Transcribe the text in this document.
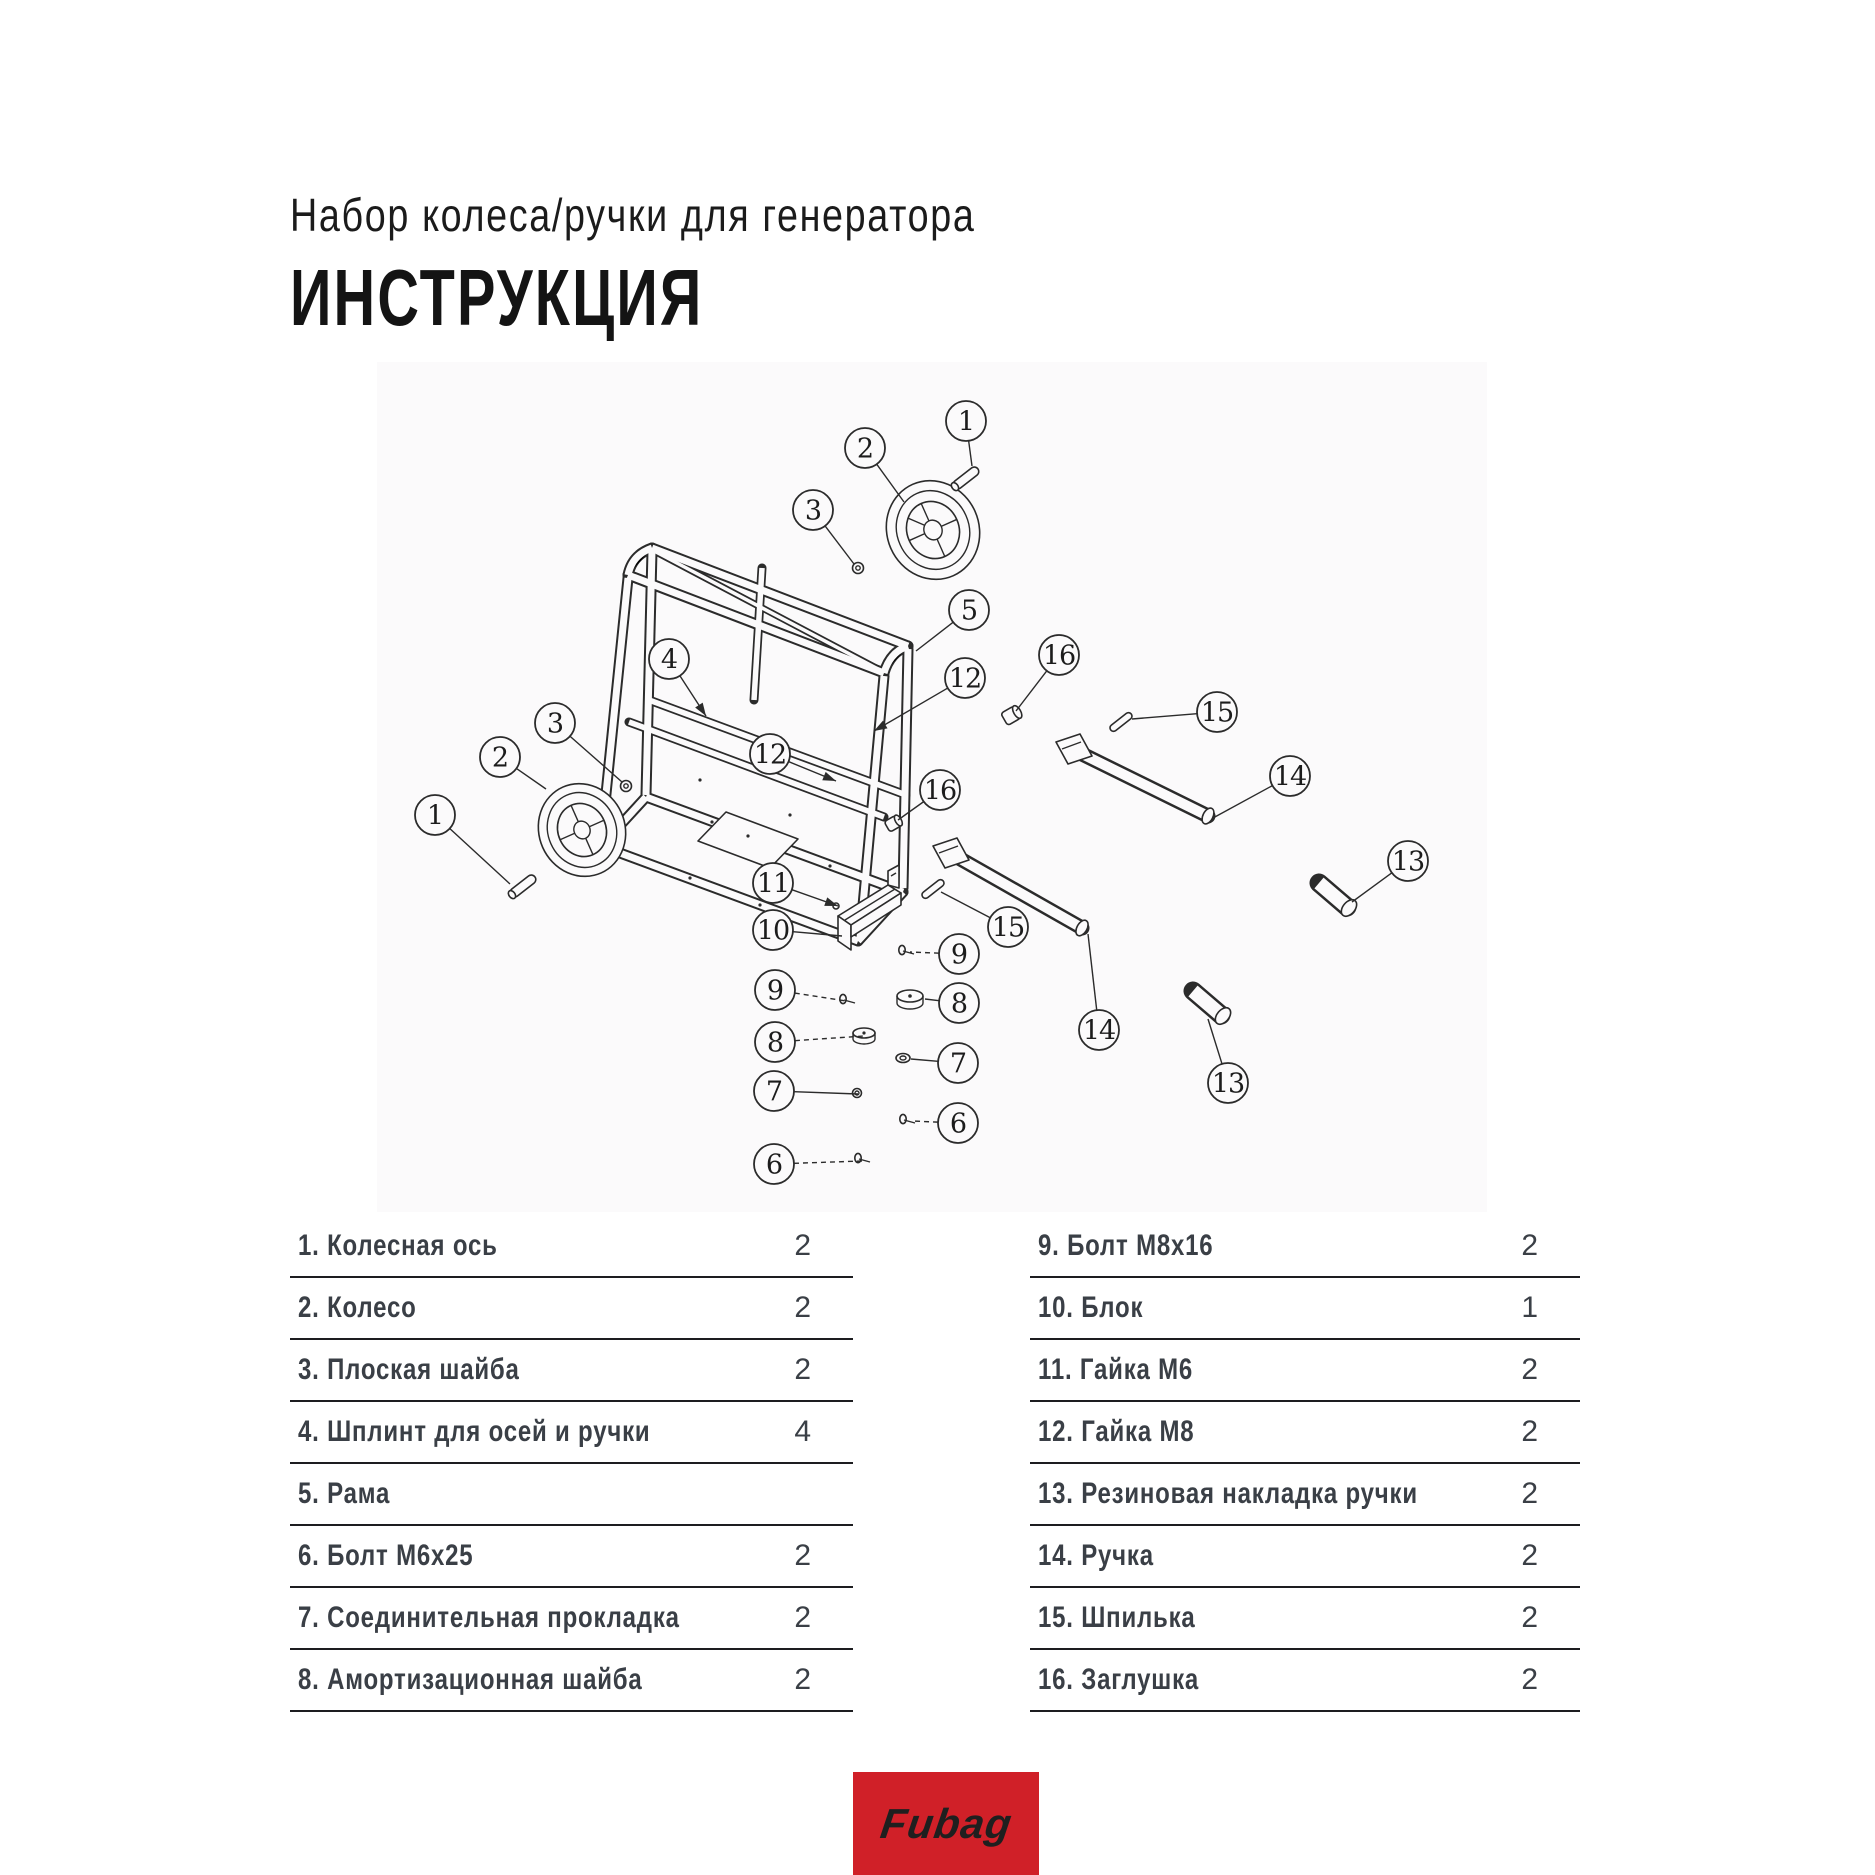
Набор колеса/ручки для генератора
ИНСТРУКЦИЯ
1
2
3
5
16
12
4
12
16
3
2
1
15
14
13
11
10	15
9
9	8
8
7
7
6
6
14
13
1. Колесная ось	2
2. Колесо	2
3. Плоская шайба	2
4. Шплинт для осей и ручки	4
5. Рама
6. Болт М6х25	2
7. Соединительная прокладка	2
8. Амортизационная шайба	2
9. Болт М8х16	2
10. Блок	1
11. Гайка М6	2
12. Гайка М8	2
13. Резиновая накладка ручки	2
14. Ручка	2
15. Шпилька	2
16. Заглушка	2
Fubag
